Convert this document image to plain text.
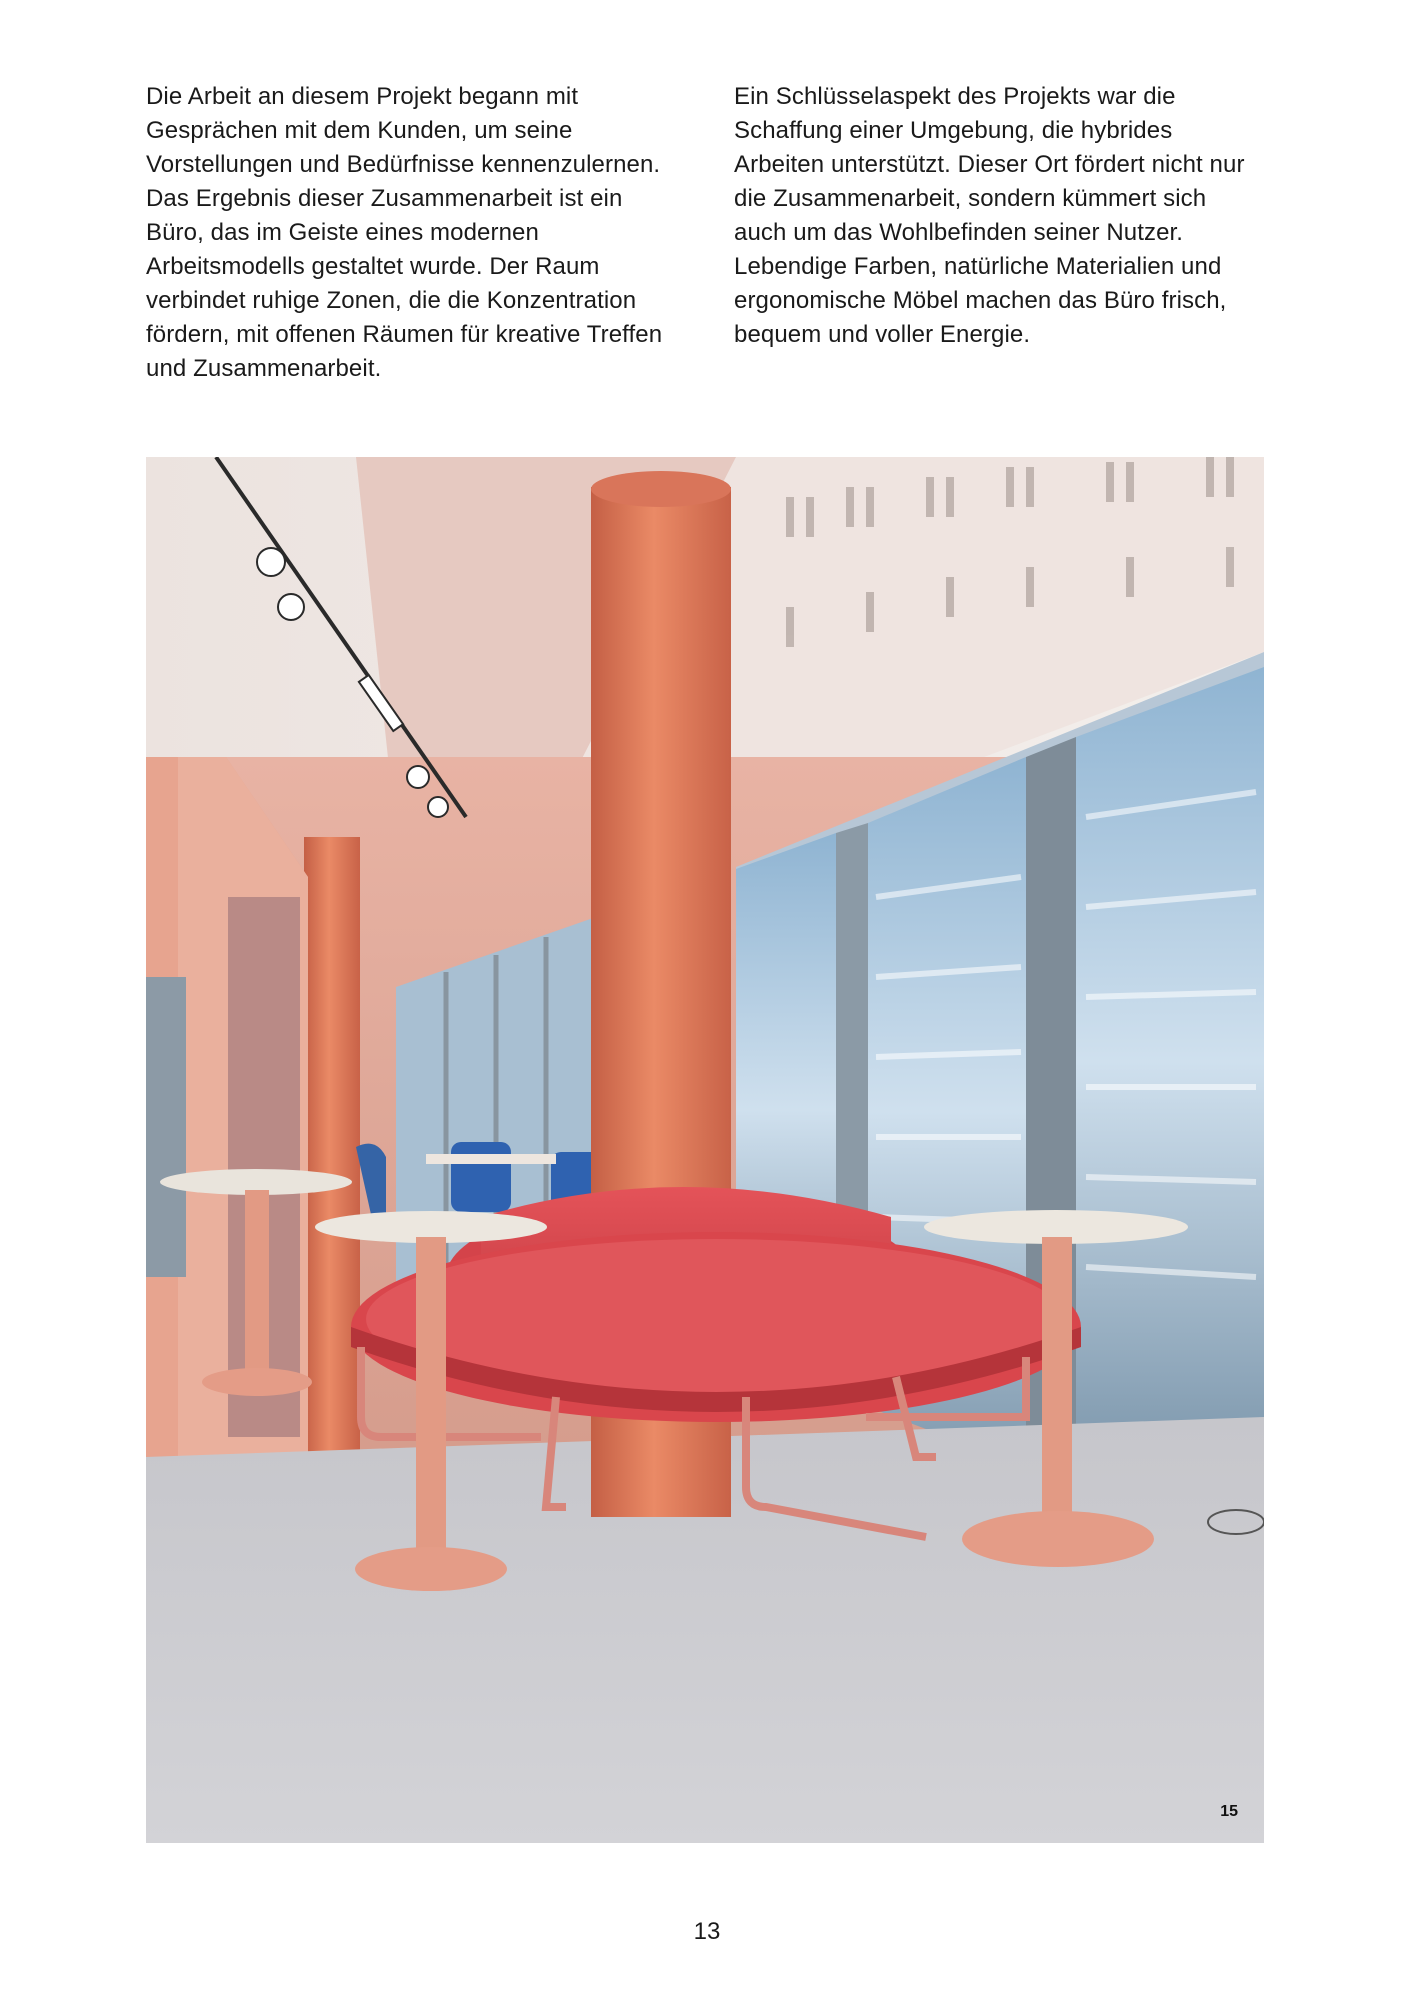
Die Arbeit an diesem Projekt begann mit Gesprächen mit dem Kunden, um seine Vorstellungen und Bedürfnisse kennenzulernen. Das Ergebnis dieser Zusammenarbeit ist ein Büro, das im Geiste eines modernen Arbeitsmodells gestaltet wurde. Der Raum verbindet ruhige Zonen, die die Konzentration fördern, mit offenen Räumen für kreative Treffen und Zusammenarbeit.

Ein Schlüsselaspekt des Projekts war die Schaffung einer Umgebung, die hybrides Arbeiten unterstützt. Dieser Ort fördert nicht nur die Zusammenarbeit, sondern kümmert sich auch um das Wohlbefinden seiner Nutzer. Lebendige Farben, natürliche Materialien und ergonomische Möbel machen das Büro frisch, bequem und voller Energie.

15
13
